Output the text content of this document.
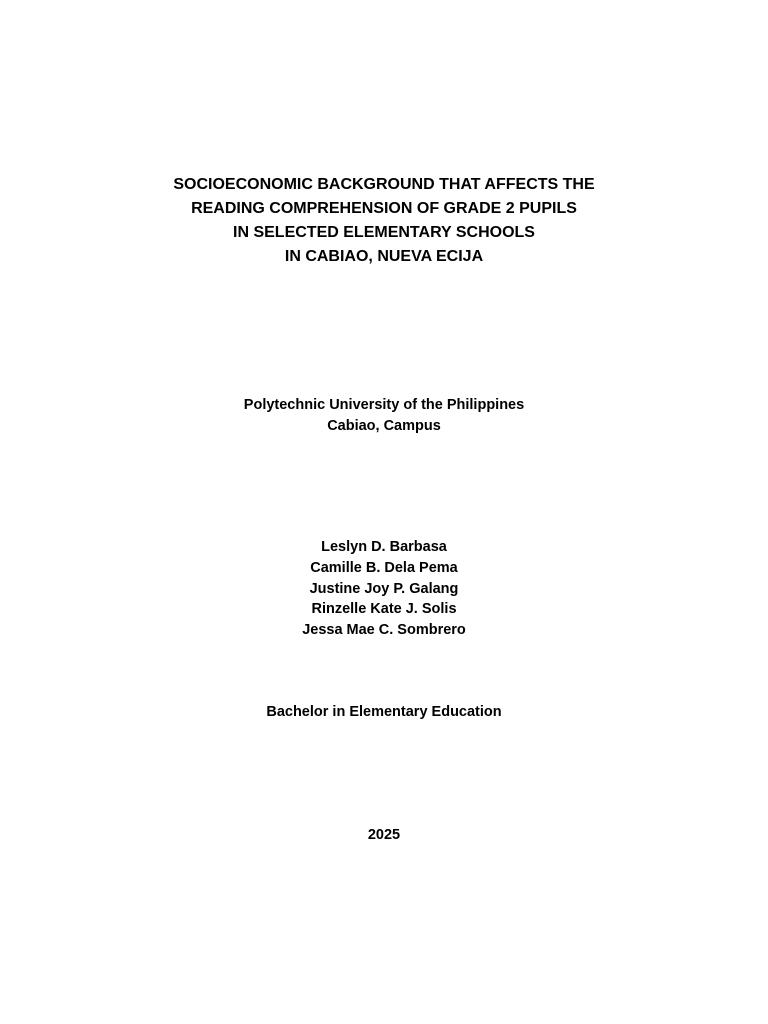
SOCIOECONOMIC BACKGROUND THAT AFFECTS THE
READING COMPREHENSION OF GRADE 2 PUPILS
IN SELECTED ELEMENTARY SCHOOLS
IN CABIAO, NUEVA ECIJA
Polytechnic University of the Philippines
Cabiao, Campus
Leslyn D. Barbasa
Camille B. Dela Pema
Justine Joy P. Galang
Rinzelle Kate J. Solis
Jessa Mae C. Sombrero
Bachelor in Elementary Education
2025
